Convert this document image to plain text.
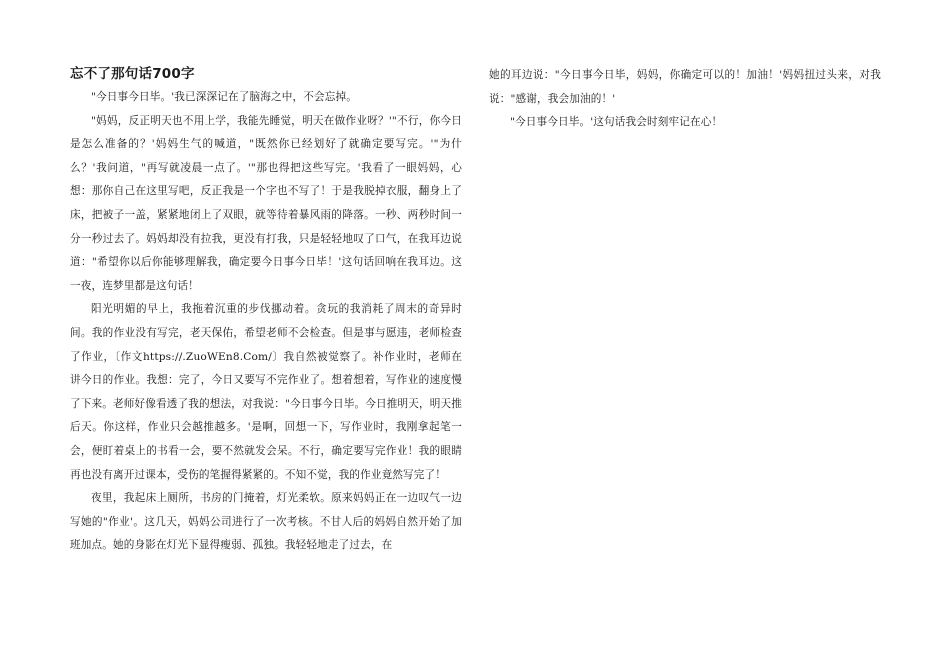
忘不了那句话700字

"今日事今日毕。'我已深深记在了脑海之中，不会忘掉。

"妈妈，反正明天也不用上学，我能先睡觉，明天在做作业呀？'"不行，你今日是怎么准备的？'妈妈生气的喊道，"既然你已经划好了就确定要写完。'"为什么？'我问道，"再写就凌晨一点了。'"那也得把这些写完。'我看了一眼妈妈，心想：那你自己在这里写吧，反正我是一个字也不写了！于是我脱掉衣服，翻身上了床，把被子一盖，紧紧地闭上了双眼，就等待着暴风雨的降落。一秒、两秒时间一分一秒过去了。妈妈却没有拉我，更没有打我，只是轻轻地叹了口气，在我耳边说道："希望你以后你能够理解我，确定要今日事今日毕！'这句话回响在我耳边。这一夜，连梦里都是这句话！

阳光明媚的早上，我拖着沉重的步伐挪动着。贪玩的我消耗了周末的奇异时间。我的作业没有写完，老天保佑，希望老师不会检查。但是事与愿违，老师检查了作业，〔作文https://.ZuoWEn8.Com/〕我自然被觉察了。补作业时，老师在讲今日的作业。我想：完了，今日又要写不完作业了。想着想着，写作业的速度慢了下来。老师好像看透了我的想法，对我说："今日事今日毕。今日推明天，明天推后天。你这样，作业只会越推越多。'是啊，回想一下，写作业时，我刚拿起笔一会，便盯着桌上的书看一会，要不然就发会呆。不行，确定要写完作业！我的眼睛再也没有离开过课本，受伤的笔握得紧紧的。不知不觉，我的作业竟然写完了！

夜里，我起床上厕所，书房的门掩着，灯光柔软。原来妈妈正在一边叹气一边写她的"作业'。这几天，妈妈公司进行了一次考核。不甘人后的妈妈自然开始了加班加点。她的身影在灯光下显得瘦弱、孤独。我轻轻地走了过去，在

她的耳边说："今日事今日毕，妈妈，你确定可以的！加油！'妈妈扭过头来，对我说："感谢，我会加油的！'

"今日事今日毕。'这句话我会时刻牢记在心！
